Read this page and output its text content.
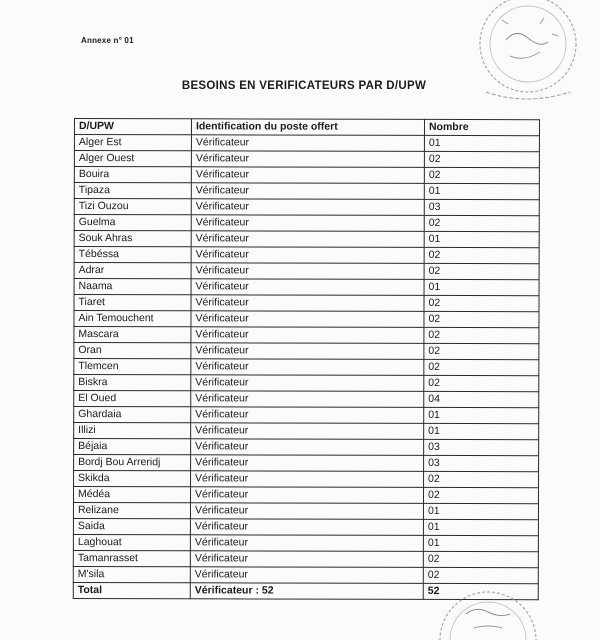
Annexe n° 01
BESOINS EN VERIFICATEURS PAR D/UPW
D/UPW	Identification du poste offert	Nombre
Alger Est	Vérificateur	01
Alger Ouest	Vérificateur	02
Bouira	Vérificateur	02
Tipaza	Vérificateur	01
Tizi Ouzou	Vérificateur	03
Guelma	Vérificateur	02
Souk Ahras	Vérificateur	01
Tébéssa	Vérificateur	02
Adrar	Vérificateur	02
Naama	Vérificateur	01
Tiaret	Vérificateur	02
Ain Temouchent	Vérificateur	02
Mascara	Vérificateur	02
Oran	Vérificateur	02
Tlemcen	Vérificateur	02
Biskra	Vérificateur	02
El Oued	Vérificateur	04
Ghardaia	Vérificateur	01
Illizi	Vérificateur	01
Béjaia	Vérificateur	03
Bordj Bou Arreridj	Vérificateur	03
Skikda	Vérificateur	02
Médéa	Vérificateur	02
Relizane	Vérificateur	01
Saida	Vérificateur	01
Laghouat	Vérificateur	01
Tamanrasset	Vérificateur	02
M'sila	Vérificateur	02
Total	Vérificateur : 52	52
